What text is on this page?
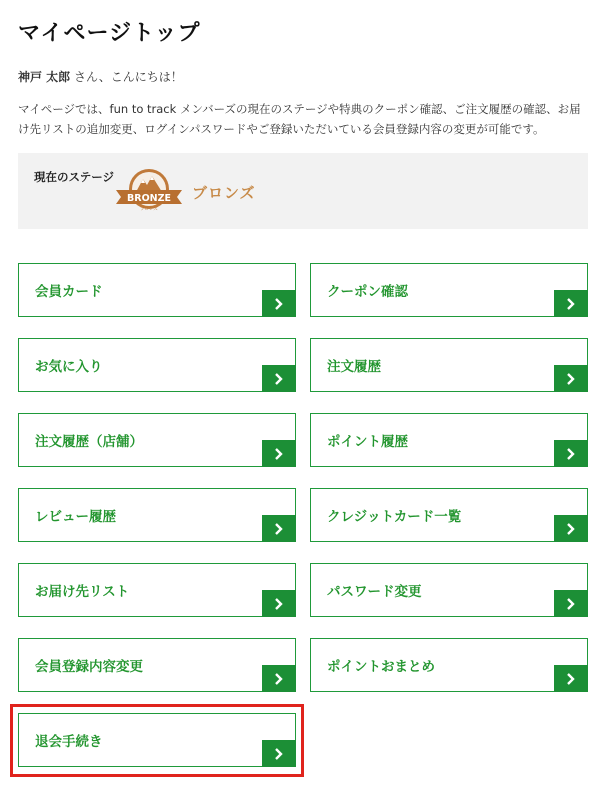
マイページトップ
神戸 太郎 さん、こんにちは！

マイページでは、fun to track メンバーズの現在のステージや特典のクーポン確認、ご注文履歴の確認、お届け先リストの追加変更、ログインパスワードやご登録いただいている会員登録内容の変更が可能です。

現在のステージ
BRONZE
ブロンズ
ブロンズ
会員カード	クーポン確認
お気に入り	注文履歴
注文履歴（店舗）	ポイント履歴
レビュー履歴	クレジットカード一覧
お届け先リスト	パスワード変更
会員登録内容変更	ポイントおまとめ
退会手続き
